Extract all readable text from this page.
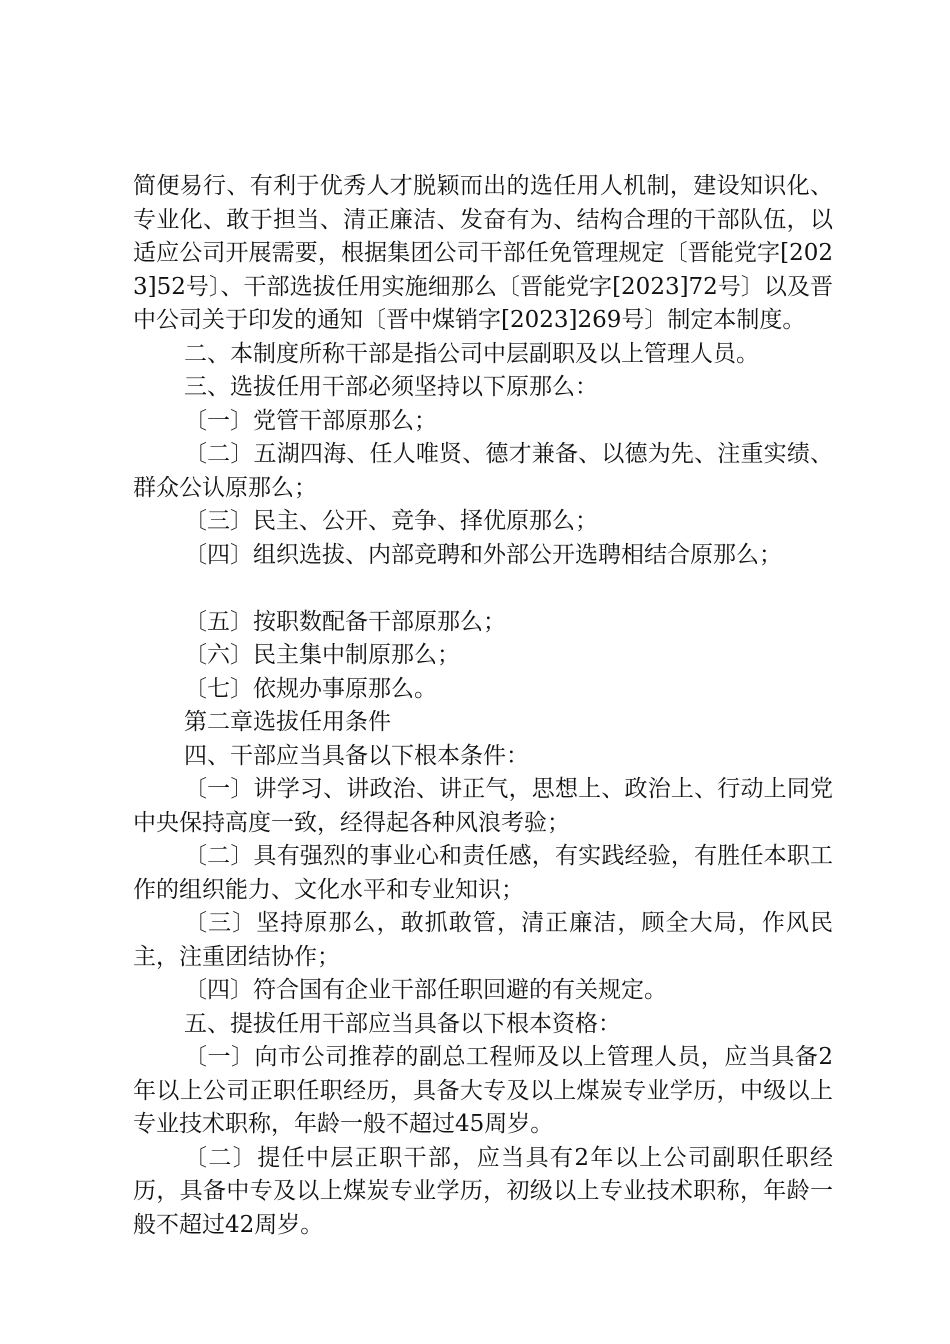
简便易行、有利于优秀人才脱颖而出的选任用人机制，建设知识化、专业化、敢于担当、清正廉洁、发奋有为、结构合理的干部队伍，以适应公司开展需要，根据集团公司干部任免管理规定〔晋能党字[2023]52号〕、干部选拔任用实施细那么〔晋能党字[2023]72号〕以及晋中公司关于印发的通知〔晋中煤销字[2023]269号〕制定本制度。

二、本制度所称干部是指公司中层副职及以上管理人员。

三、选拔任用干部必须坚持以下原那么：

〔一〕党管干部原那么；

〔二〕五湖四海、任人唯贤、德才兼备、以德为先、注重实绩、群众公认原那么；

〔三〕民主、公开、竞争、择优原那么；

〔四〕组织选拔、内部竞聘和外部公开选聘相结合原那么；

〔五〕按职数配备干部原那么；

〔六〕民主集中制原那么；

〔七〕依规办事原那么。

第二章选拔任用条件

四、干部应当具备以下根本条件：

〔一〕讲学习、讲政治、讲正气，思想上、政治上、行动上同党中央保持高度一致，经得起各种风浪考验；

〔二〕具有强烈的事业心和责任感，有实践经验，有胜任本职工作的组织能力、文化水平和专业知识；

〔三〕坚持原那么，敢抓敢管，清正廉洁，顾全大局，作风民主，注重团结协作；

〔四〕符合国有企业干部任职回避的有关规定。

五、提拔任用干部应当具备以下根本资格：

〔一〕向市公司推荐的副总工程师及以上管理人员，应当具备2年以上公司正职任职经历，具备大专及以上煤炭专业学历，中级以上专业技术职称，年龄一般不超过45周岁。

〔二〕提任中层正职干部，应当具有2年以上公司副职任职经历，具备中专及以上煤炭专业学历，初级以上专业技术职称，年龄一般不超过42周岁。
